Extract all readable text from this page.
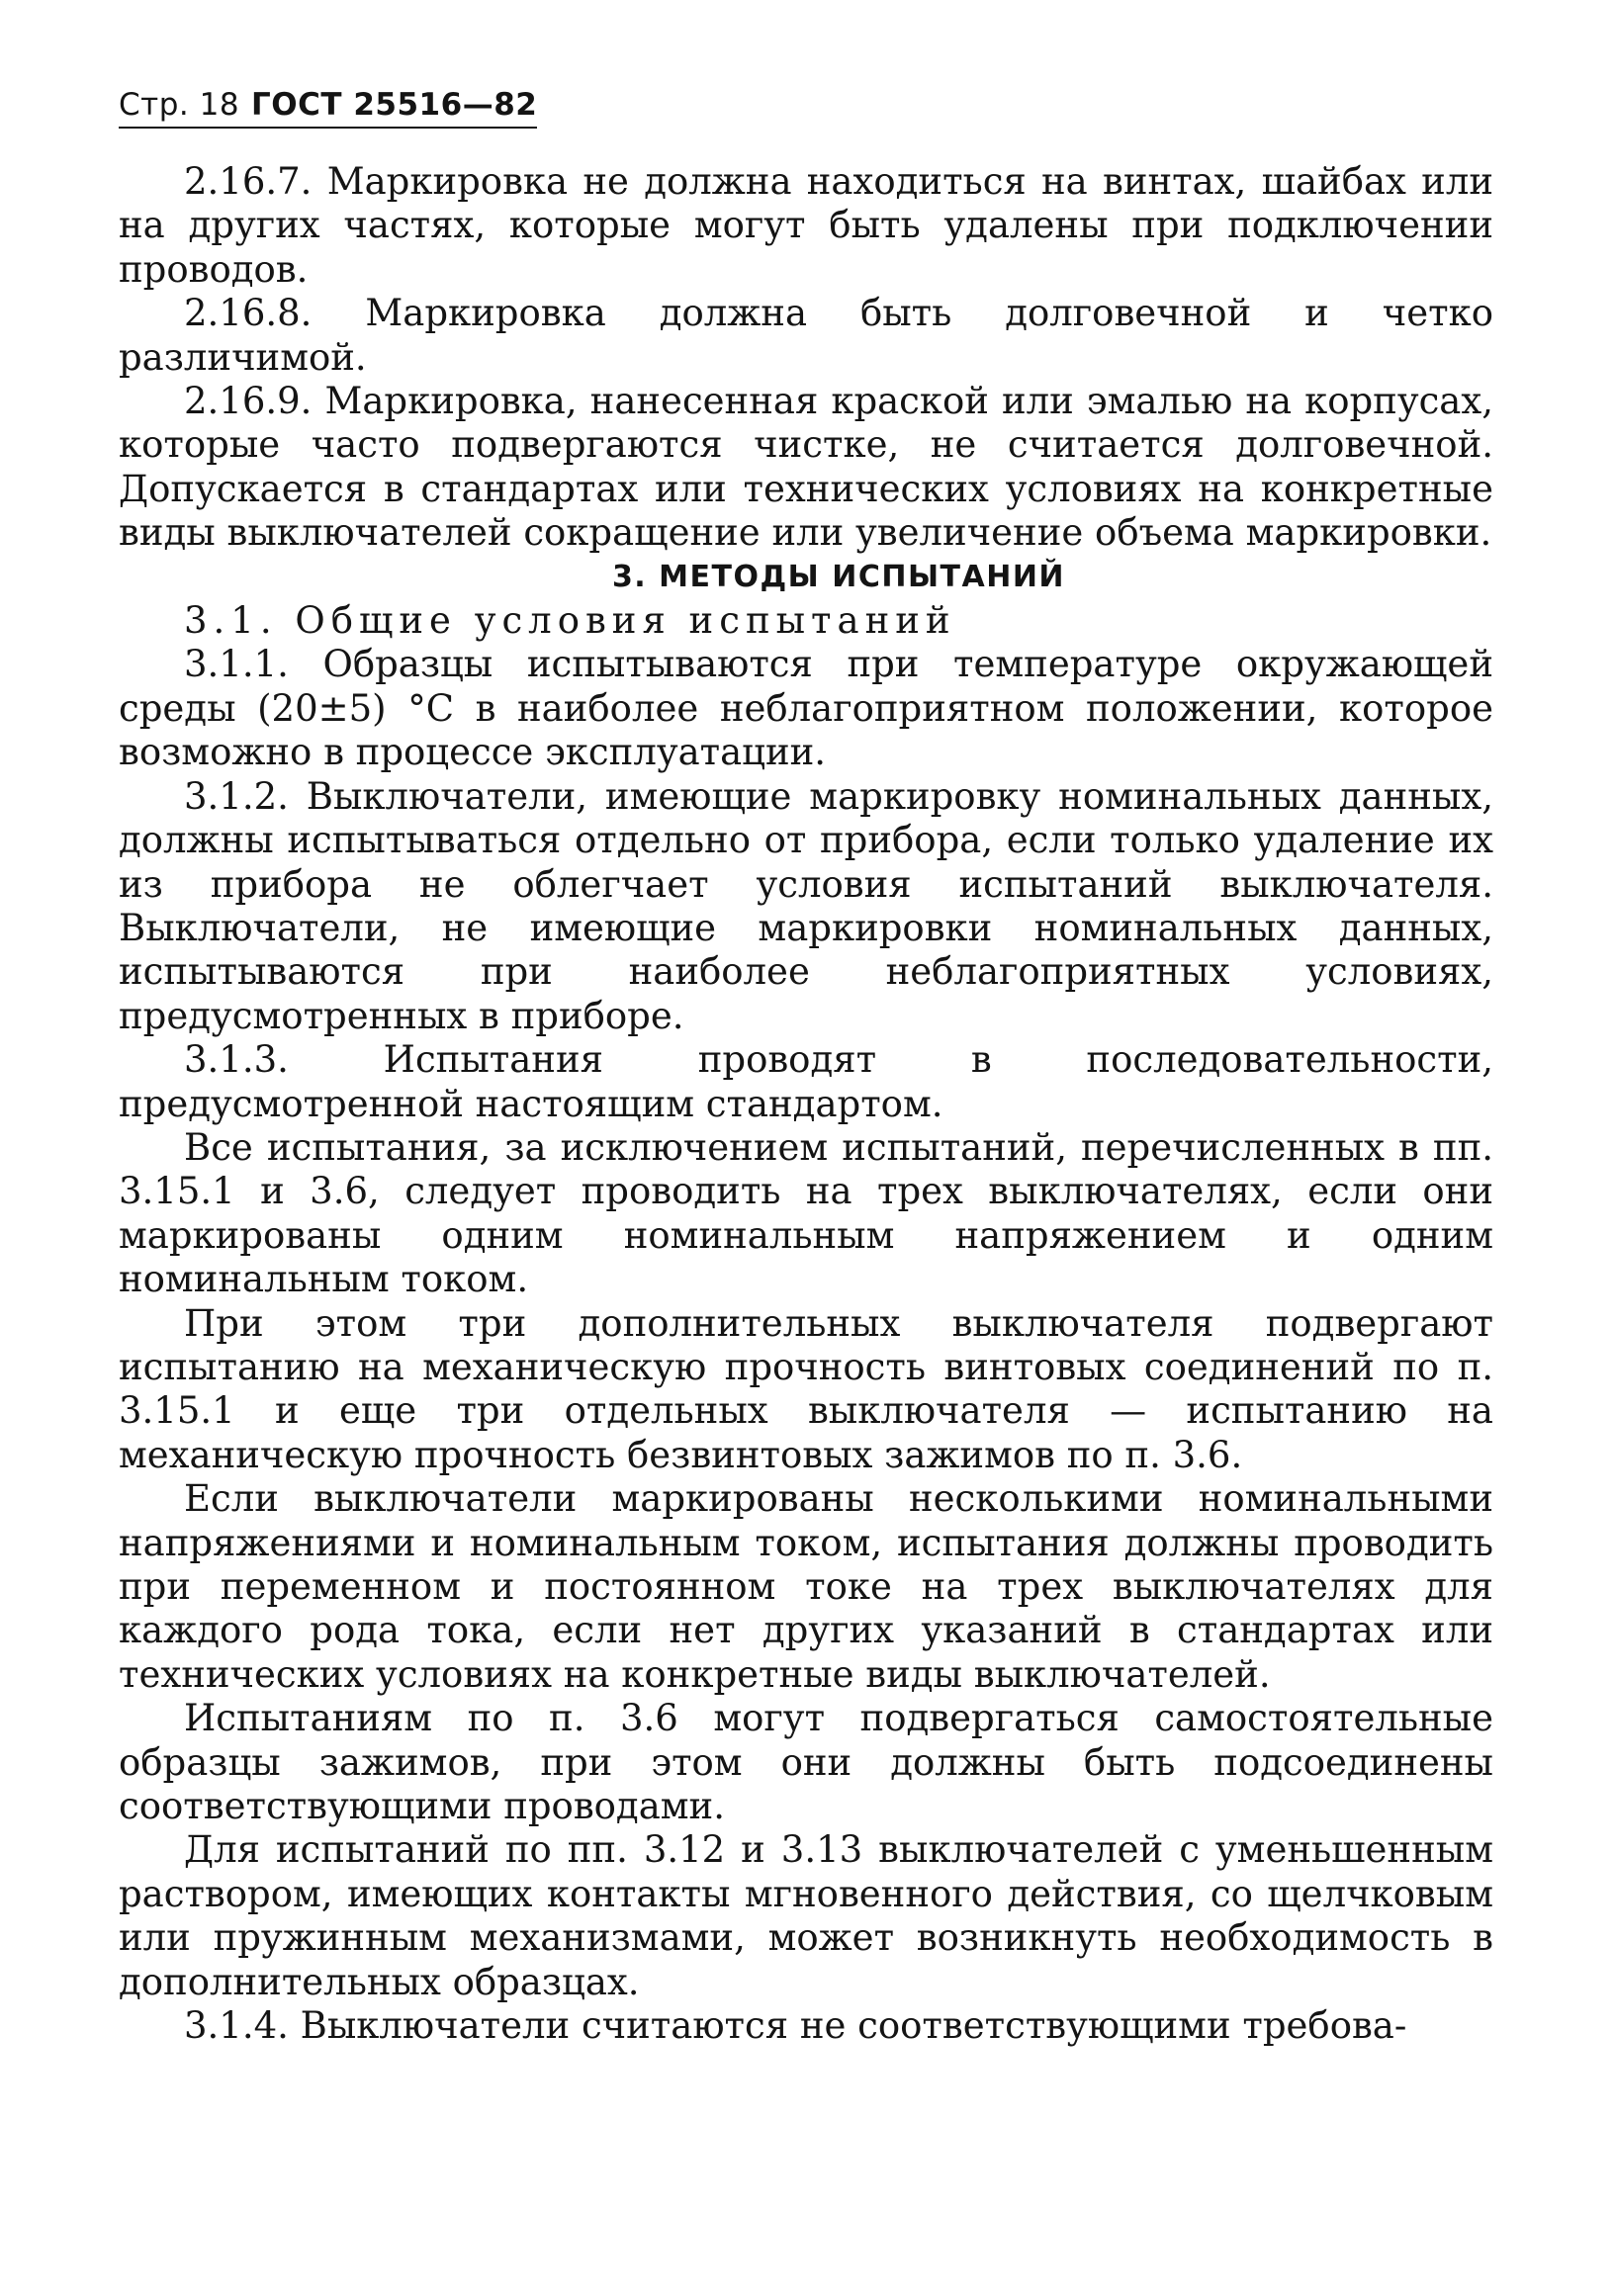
Стр. 18 ГОСТ 25516—82

2.16.7. Маркировка не должна находиться на винтах, шайбах или на других частях, которые могут быть удалены при подключении проводов.

2.16.8. Маркировка должна быть долговечной и четко различимой.

2.16.9. Маркировка, нанесенная краской или эмалью на корпусах, которые часто подвергаются чистке, не считается долговечной. Допускается в стандартах или технических условиях на конкретные виды выключателей сокращение или увеличение объема маркировки.

3. МЕТОДЫ ИСПЫТАНИЙ

3.1. Общие условия испытаний

3.1.1. Образцы испытываются при температуре окружающей среды (20±5) °С в наиболее неблагоприятном положении, которое возможно в процессе эксплуатации.

3.1.2. Выключатели, имеющие маркировку номинальных данных, должны испытываться отдельно от прибора, если только удаление их из прибора не облегчает условия испытаний выключателя. Выключатели, не имеющие маркировки номинальных данных, испытываются при наиболее неблагоприятных условиях, предусмотренных в приборе.

3.1.3. Испытания проводят в последовательности, предусмотренной настоящим стандартом.

Все испытания, за исключением испытаний, перечисленных в пп. 3.15.1 и 3.6, следует проводить на трех выключателях, если они маркированы одним номинальным напряжением и одним номинальным током.

При этом три дополнительных выключателя подвергают испытанию на механическую прочность винтовых соединений по п. 3.15.1 и еще три отдельных выключателя — испытанию на механическую прочность безвинтовых зажимов по п. 3.6.

Если выключатели маркированы несколькими номинальными напряжениями и номинальным током, испытания должны проводить при переменном и постоянном токе на трех выключателях для каждого рода тока, если нет других указаний в стандартах или технических условиях на конкретные виды выключателей.

Испытаниям по п. 3.6 могут подвергаться самостоятельные образцы зажимов, при этом они должны быть подсоединены соответствующими проводами.

Для испытаний по пп. 3.12 и 3.13 выключателей с уменьшенным раствором, имеющих контакты мгновенного действия, со щелчковым или пружинным механизмами, может возникнуть необходимость в дополнительных образцах.

3.1.4. Выключатели считаются не соответствующими требова-
